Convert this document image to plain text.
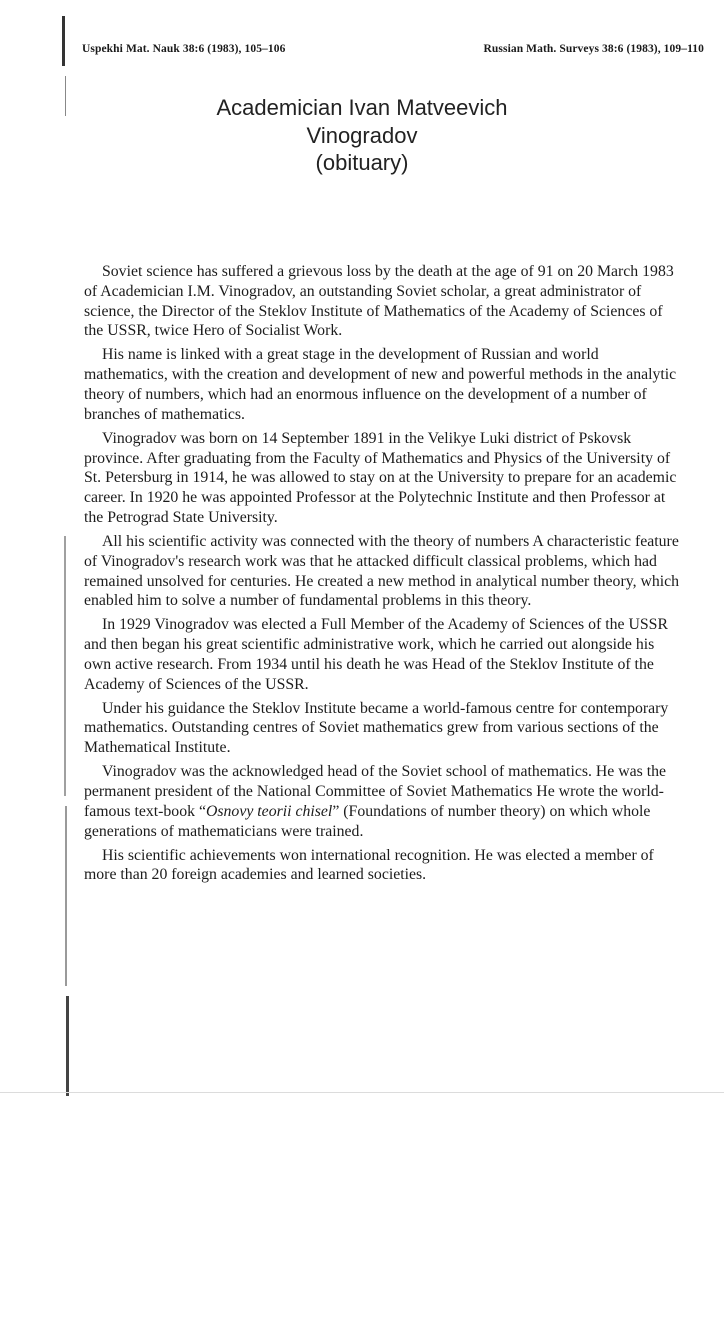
Uspekhi Mat. Nauk 38:6 (1983), 105–106	Russian Math. Surveys 38:6 (1983), 109–110
Academician Ivan Matveevich
Vinogradov
(obituary)

Soviet science has suffered a grievous loss by the death at the age of 91 on 20 March 1983 of Academician I.M. Vinogradov, an outstanding Soviet scholar, a great administrator of science, the Director of the Steklov Institute of Mathematics of the Academy of Sciences of the USSR, twice Hero of Socialist Work.

His name is linked with a great stage in the development of Russian and world mathematics, with the creation and development of new and powerful methods in the analytic theory of numbers, which had an enormous influence on the development of a number of branches of mathematics.

Vinogradov was born on 14 September 1891 in the Velikye Luki district of Pskovsk province. After graduating from the Faculty of Mathematics and Physics of the University of St. Petersburg in 1914, he was allowed to stay on at the University to prepare for an academic career. In 1920 he was appointed Professor at the Polytechnic Institute and then Professor at the Petrograd State University.

All his scientific activity was connected with the theory of numbers A characteristic feature of Vinogradov's research work was that he attacked difficult classical problems, which had remained unsolved for centuries. He created a new method in analytical number theory, which enabled him to solve a number of fundamental problems in this theory.

In 1929 Vinogradov was elected a Full Member of the Academy of Sciences of the USSR and then began his great scientific administrative work, which he carried out alongside his own active research. From 1934 until his death he was Head of the Steklov Institute of the Academy of Sciences of the USSR.

Under his guidance the Steklov Institute became a world-famous centre for contemporary mathematics. Outstanding centres of Soviet mathematics grew from various sections of the Mathematical Institute.

Vinogradov was the acknowledged head of the Soviet school of mathematics. He was the permanent president of the National Committee of Soviet Mathematics He wrote the world-famous text-book “Osnovy teorii chisel” (Foundations of number theory) on which whole generations of mathematicians were trained.

His scientific achievements won international recognition. He was elected a member of more than 20 foreign academies and learned societies.
